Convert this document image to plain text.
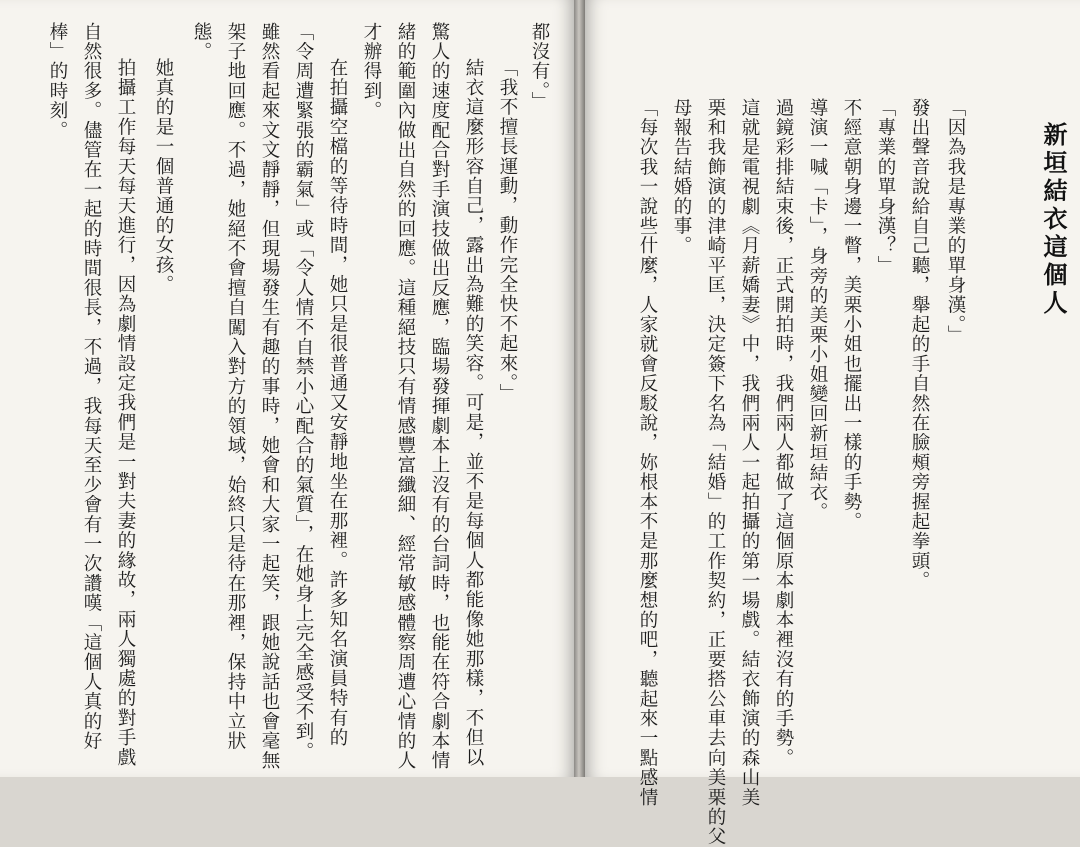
新垣結衣這個人
「因為我是專業的單身漢。」
發出聲音說給自己聽，舉起的手自然在臉頰旁握起拳頭。
「專業的單身漢？」
不經意朝身邊一瞥，美栗小姐也擺出一樣的手勢。
導演一喊「卡」，身旁的美栗小姐變回新垣結衣。
過鏡彩排結束後，正式開拍時，我們兩人都做了這個原本劇本裡沒有的手勢。
這就是電視劇《月薪嬌妻》中，我們兩人一起拍攝的第一場戲。結衣飾演的森山美
栗和我飾演的津崎平匡，決定簽下名為「結婚」的工作契約，正要搭公車去向美栗的父
母報告結婚的事。
「每次我一說些什麼，人家就會反駁說，妳根本不是那麼想的吧，聽起來一點感情
都沒有。」
「我不擅長運動，動作完全快不起來。」
結衣這麼形容自己，露出為難的笑容。可是，並不是每個人都能像她那樣，不但以
驚人的速度配合對手演技做出反應，臨場發揮劇本上沒有的台詞時，也能在符合劇本情
緒的範圍內做出自然的回應。這種絕技只有情感豐富纖細、經常敏感體察周遭心情的人
才辦得到。
在拍攝空檔的等待時間，她只是很普通又安靜地坐在那裡。許多知名演員特有的
「令周遭緊張的霸氣」或「令人情不自禁小心配合的氣質」，在她身上完全感受不到。
雖然看起來文文靜靜，但現場發生有趣的事時，她會和大家一起笑，跟她說話也會毫無
架子地回應。不過，她絕不會擅自闖入對方的領域，始終只是待在那裡，保持中立狀
態。
她真的是一個普通的女孩。
拍攝工作每天每天進行，因為劇情設定我們是一對夫妻的緣故，兩人獨處的對手戲
自然很多。儘管在一起的時間很長，不過，我每天至少會有一次讚嘆「這個人真的好
棒」的時刻。
